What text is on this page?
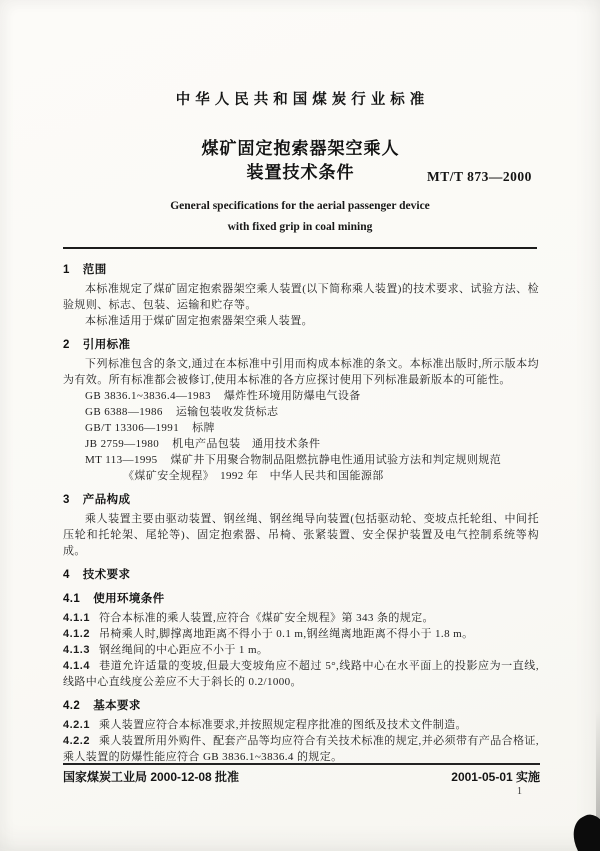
中华人民共和国煤炭行业标准
煤矿固定抱索器架空乘人
装置技术条件	MT/T 873—2000
General specifications for the aerial passenger device
with fixed grip in coal mining

1 范围

本标准规定了煤矿固定抱索器架空乘人装置(以下简称乘人装置)的技术要求、试验方法、检验规则、标志、包装、运输和贮存等。

本标准适用于煤矿固定抱索器架空乘人装置。

2 引用标准

下列标准包含的条文,通过在本标准中引用而构成本标准的条文。本标准出版时,所示版本均为有效。所有标准都会被修订,使用本标准的各方应探讨使用下列标准最新版本的可能性。

GB 3836.1~3836.4—1983 爆炸性环境用防爆电气设备

GB 6388—1986 运输包装收发货标志

GB/T 13306—1991 标牌

JB 2759—1980 机电产品包装　通用技术条件

MT 113—1995 煤矿井下用聚合物制品阻燃抗静电性通用试验方法和判定规则规范

《煤矿安全规程》　1992 年　中华人民共和国能源部

3 产品构成

乘人装置主要由驱动装置、钢丝绳、钢丝绳导向装置(包括驱动轮、变坡点托轮组、中间托压轮和托轮架、尾轮等)、固定抱索器、吊椅、张紧装置、安全保护装置及电气控制系统等构成。

4 技术要求

4.1 使用环境条件

4.1.1 符合本标准的乘人装置,应符合《煤矿安全规程》第 343 条的规定。

4.1.2 吊椅乘人时,脚撑离地距离不得小于 0.1 m,钢丝绳离地距离不得小于 1.8 m。

4.1.3 钢丝绳间的中心距应不小于 1 m。

4.1.4 巷道允许适量的变坡,但最大变坡角应不超过 5°,线路中心在水平面上的投影应为一直线,线路中心直线度公差应不大于斜长的 0.2/1000。

4.2 基本要求

4.2.1 乘人装置应符合本标准要求,并按照规定程序批准的图纸及技术文件制造。

4.2.2 乘人装置所用外购件、配套产品等均应符合有关技术标准的规定,并必须带有产品合格证,乘人装置的防爆性能应符合 GB 3836.1~3836.4 的规定。

国家煤炭工业局 2000-12-08 批准	2001-05-01 实施
1
